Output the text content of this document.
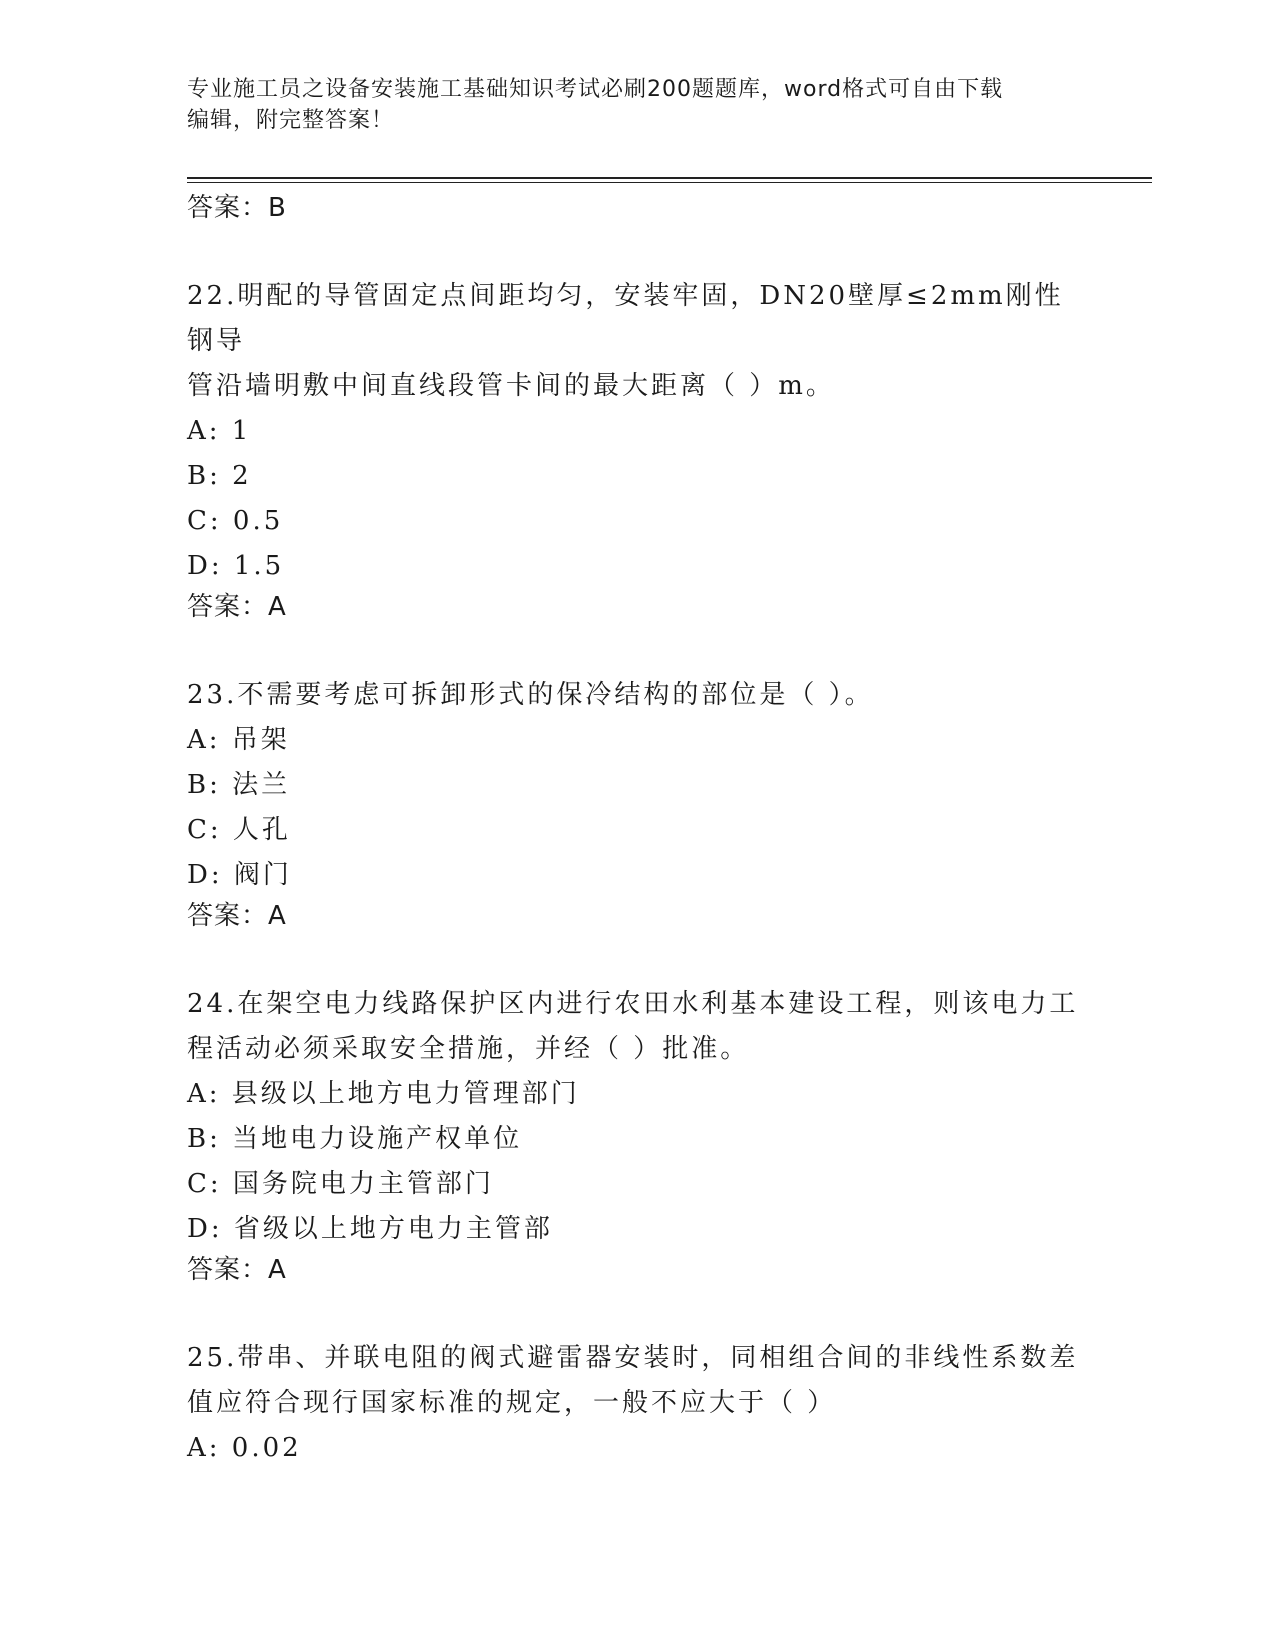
专业施工员之设备安装施工基础知识考试必刷200题题库，word格式可自由下载
编辑，附完整答案！

答案：B

22.明配的导管固定点间距均匀，安装牢固，DN20壁厚≤2mm刚性钢导

管沿墙明敷中间直线段管卡间的最大距离（ ）m。

A: 1

B: 2

C: 0.5

D: 1.5

答案：A

23.不需要考虑可拆卸形式的保冷结构的部位是（ ）。

A: 吊架

B: 法兰

C: 人孔

D: 阀门

答案：A

24.在架空电力线路保护区内进行农田水利基本建设工程，则该电力工

程活动必须采取安全措施，并经（ ）批准。

A: 县级以上地方电力管理部门

B: 当地电力设施产权单位

C: 国务院电力主管部门

D: 省级以上地方电力主管部

答案：A

25.带串、并联电阻的阀式避雷器安装时，同相组合间的非线性系数差

值应符合现行国家标准的规定，一般不应大于（ ）

A: 0.02
